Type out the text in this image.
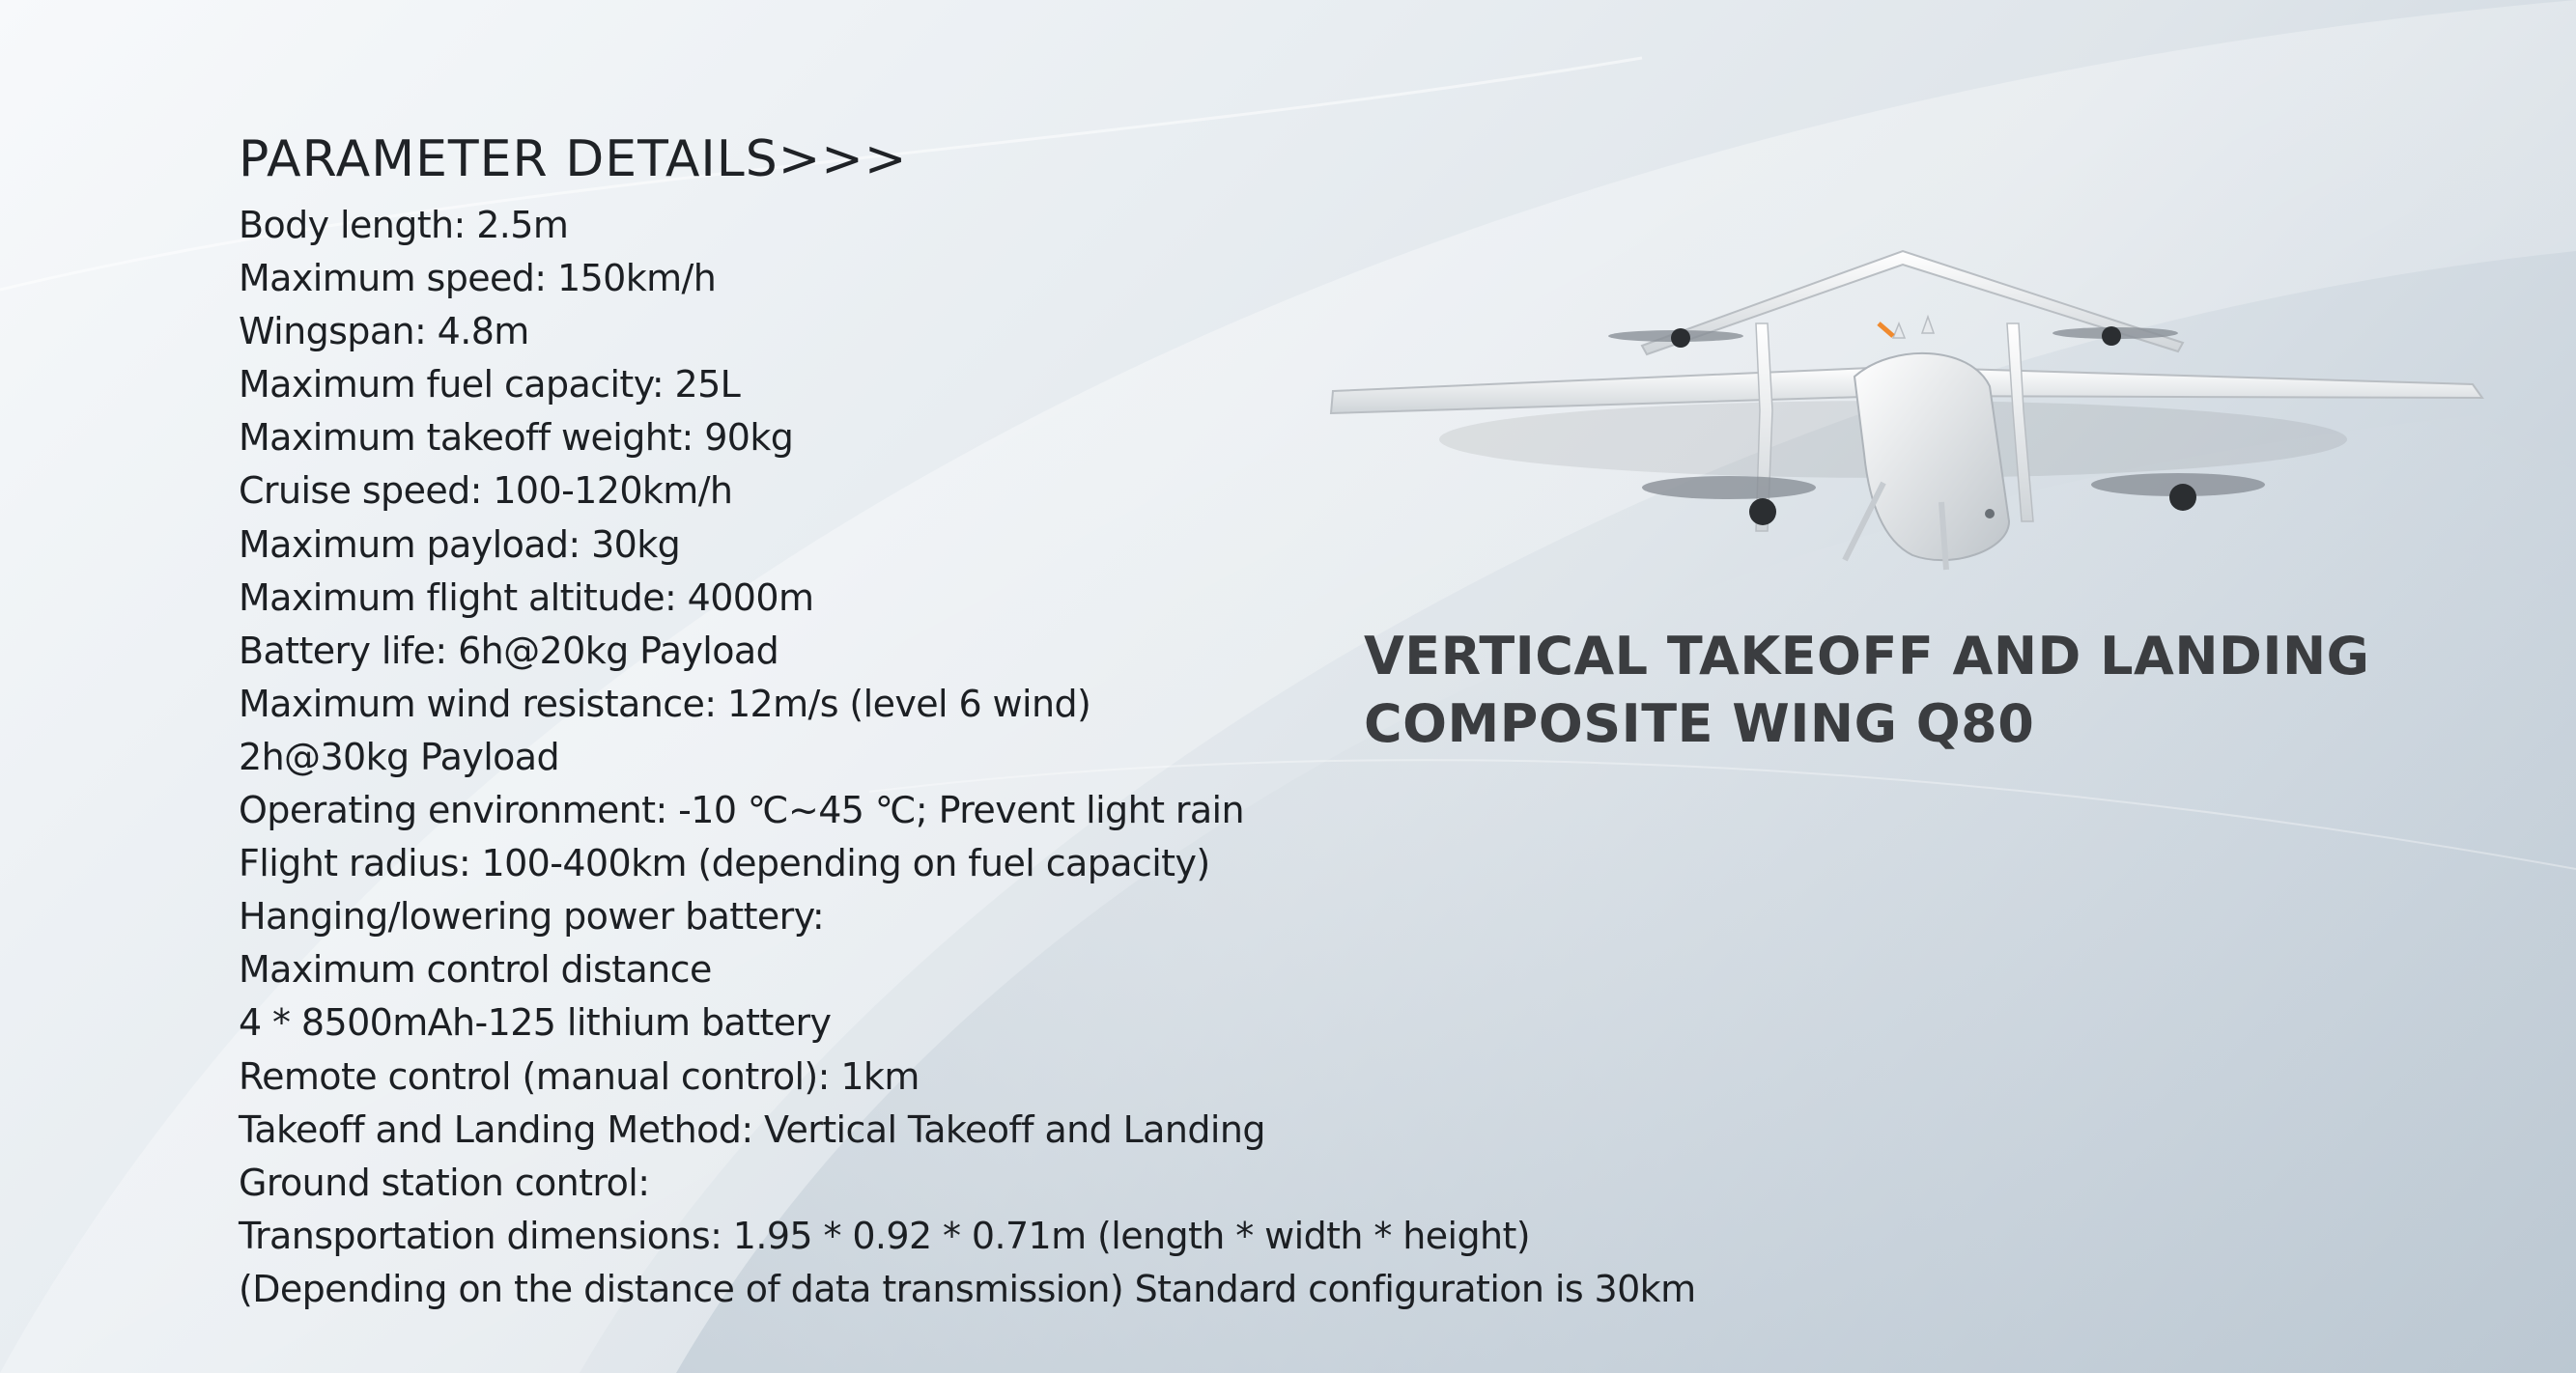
PARAMETER DETAILS>>>
Body length: 2.5m
Maximum speed: 150km/h
Wingspan: 4.8m
Maximum fuel capacity: 25L
Maximum takeoff weight: 90kg
Cruise speed: 100-120km/h
Maximum payload: 30kg
Maximum flight altitude: 4000m
Battery life: 6h@20kg Payload
Maximum wind resistance: 12m/s (level 6 wind)
2h@30kg Payload
Operating environment: -10 ℃~45 ℃; Prevent light rain
Flight radius: 100-400km (depending on fuel capacity)
Hanging/lowering power battery:
Maximum control distance
4 * 8500mAh-125 lithium battery
Remote control (manual control): 1km
Takeoff and Landing Method: Vertical Takeoff and Landing
Ground station control:
Transportation dimensions: 1.95 * 0.92 * 0.71m (length * width * height)
(Depending on the distance of data transmission) Standard configuration is 30km
VERTICAL TAKEOFF AND LANDING
COMPOSITE WING Q80
